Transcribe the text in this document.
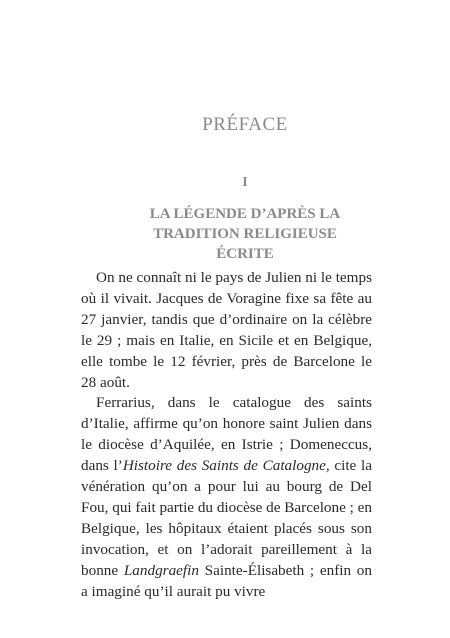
PRÉFACE
I
LA LÉGENDE D’APRÈS LA
TRADITION RELIGIEUSE
ÉCRITE

On ne connaît ni le pays de Julien ni le temps où il vivait. Jacques de Voragine fixe sa fête au 27 janvier, tandis que d’ordinaire on la célèbre le 29 ; mais en Italie, en Sicile et en Belgique, elle tombe le 12 février, près de Barcelone le 28 août.

Ferrarius, dans le catalogue des saints d’Italie, affirme qu’on honore saint Julien dans le diocèse d’Aquilée, en Istrie ; Domeneccus, dans l’Histoire des Saints de Catalogne, cite la vénération qu’on a pour lui au bourg de Del Fou, qui fait partie du diocèse de Barcelone ; en Belgique, les hôpitaux étaient placés sous son invocation, et on l’adorait pareillement à la bonne Landgraefin Sainte-Élisabeth ; enfin on a imaginé qu’il aurait pu vivre
